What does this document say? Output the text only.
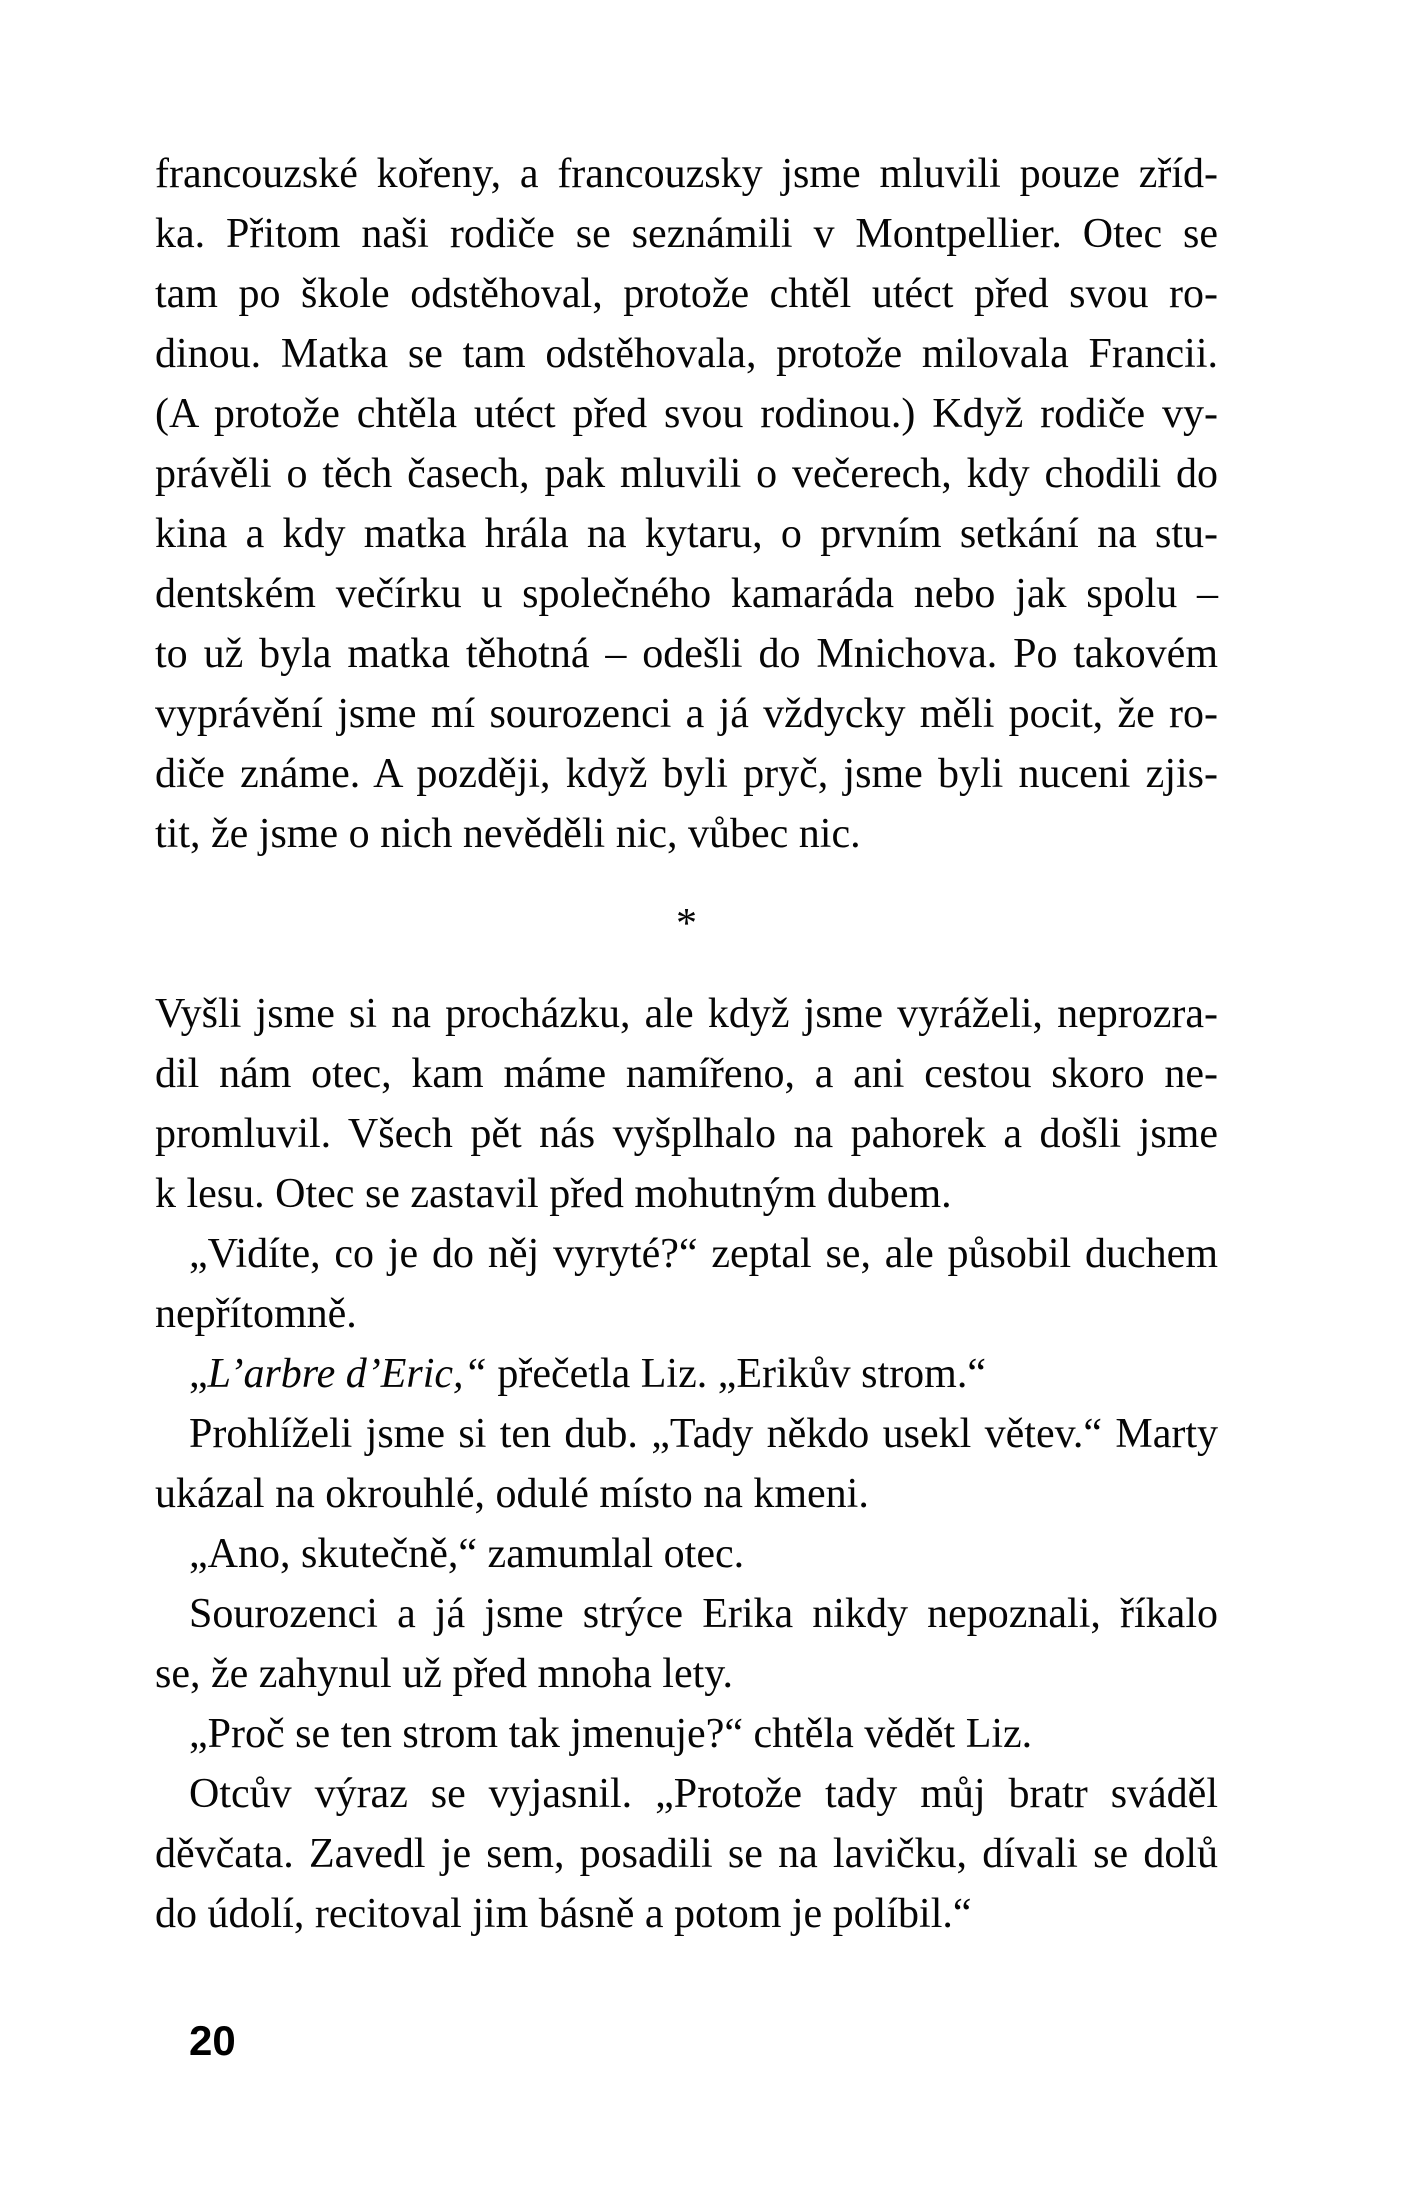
francouzské kořeny, a francouzsky jsme mluvili pouze zříd-
ka. Přitom naši rodiče se seznámili v Montpellier. Otec se
tam po škole odstěhoval, protože chtěl utéct před svou ro-
dinou. Matka se tam odstěhovala, protože milovala Francii.
(A protože chtěla utéct před svou rodinou.) Když rodiče vy-
právěli o těch časech, pak mluvili o večerech, kdy chodili do
kina a kdy matka hrála na kytaru, o prvním setkání na stu-
dentském večírku u společného kamaráda nebo jak spolu –
to už byla matka těhotná – odešli do Mnichova. Po takovém
vyprávění jsme mí sourozenci a já vždycky měli pocit, že ro-
diče známe. A později, když byli pryč, jsme byli nuceni zjis-
tit, že jsme o nich nevěděli nic, vůbec nic.
*
Vyšli jsme si na procházku, ale když jsme vyráželi, neprozra-
dil nám otec, kam máme namířeno, a ani cestou skoro ne-
promluvil. Všech pět nás vyšplhalo na pahorek a došli jsme
k lesu. Otec se zastavil před mohutným dubem.
„Vidíte, co je do něj vyryté?“ zeptal se, ale působil duchem
nepřítomně.
„L’arbre d’Eric,“ přečetla Liz. „Erikův strom.“
Prohlíželi jsme si ten dub. „Tady někdo usekl větev.“ Marty
ukázal na okrouhlé, odulé místo na kmeni.
„Ano, skutečně,“ zamumlal otec.
Sourozenci a já jsme strýce Erika nikdy nepoznali, říkalo
se, že zahynul už před mnoha lety.
„Proč se ten strom tak jmenuje?“ chtěla vědět Liz.
Otcův výraz se vyjasnil. „Protože tady můj bratr sváděl
děvčata. Zavedl je sem, posadili se na lavičku, dívali se dolů
do údolí, recitoval jim básně a potom je políbil.“
20
